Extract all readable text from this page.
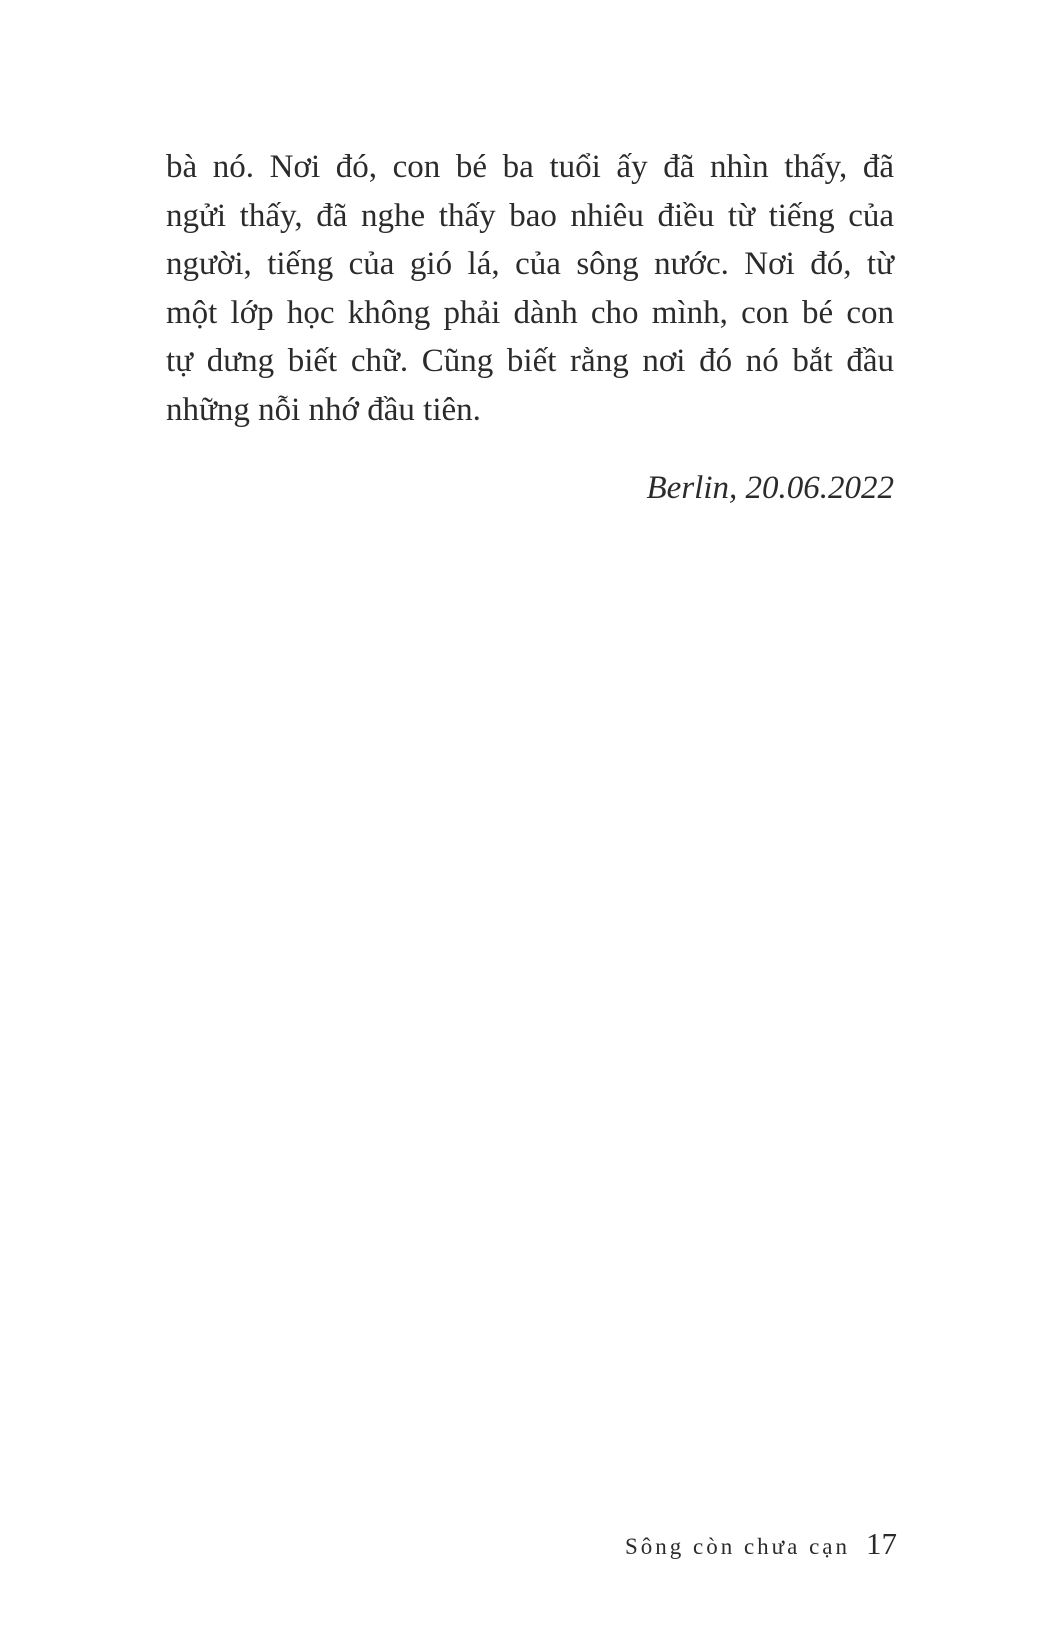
bà nó. Nơi đó, con bé ba tuổi ấy đã nhìn thấy, đã
ngửi thấy, đã nghe thấy bao nhiêu điều từ tiếng của
người, tiếng của gió lá, của sông nước. Nơi đó, từ
một lớp học không phải dành cho mình, con bé con
tự dưng biết chữ. Cũng biết rằng nơi đó nó bắt đầu
những nỗi nhớ đầu tiên.
Berlin, 20.06.2022
Sông còn chưa cạn 17
